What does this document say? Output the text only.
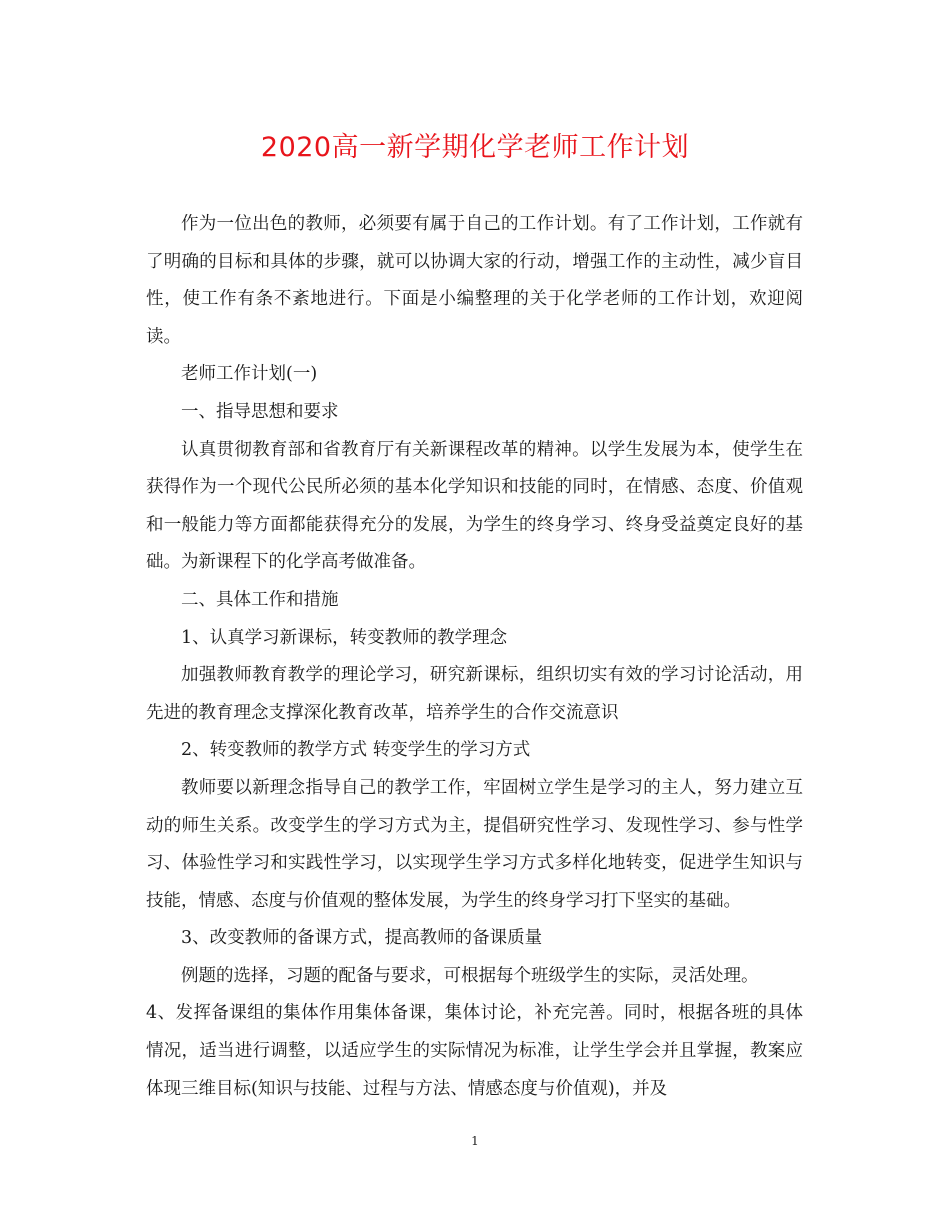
2020高一新学期化学老师工作计划

作为一位出色的教师，必须要有属于自己的工作计划。有了工作计划，工作就有了明确的目标和具体的步骤，就可以协调大家的行动，增强工作的主动性，减少盲目性，使工作有条不紊地进行。下面是小编整理的关于化学老师的工作计划，欢迎阅读。

老师工作计划(一)

一、指导思想和要求

认真贯彻教育部和省教育厅有关新课程改革的精神。以学生发展为本，使学生在获得作为一个现代公民所必须的基本化学知识和技能的同时，在情感、态度、价值观和一般能力等方面都能获得充分的发展，为学生的终身学习、终身受益奠定良好的基础。为新课程下的化学高考做准备。

二、具体工作和措施

1、认真学习新课标，转变教师的教学理念

加强教师教育教学的理论学习，研究新课标，组织切实有效的学习讨论活动，用先进的教育理念支撑深化教育改革，培养学生的合作交流意识

2、转变教师的教学方式 转变学生的学习方式

教师要以新理念指导自己的教学工作，牢固树立学生是学习的主人，努力建立互动的师生关系。改变学生的学习方式为主，提倡研究性学习、发现性学习、参与性学习、体验性学习和实践性学习，以实现学生学习方式多样化地转变，促进学生知识与技能，情感、态度与价值观的整体发展，为学生的终身学习打下坚实的基础。

3、改变教师的备课方式，提高教师的备课质量

例题的选择，习题的配备与要求，可根据每个班级学生的实际，灵活处理。

4、发挥备课组的集体作用集体备课，集体讨论，补充完善。同时，根据各班的具体情况，适当进行调整，以适应学生的实际情况为标准，让学生学会并且掌握，教案应体现三维目标(知识与技能、过程与方法、情感态度与价值观)，并及

1
